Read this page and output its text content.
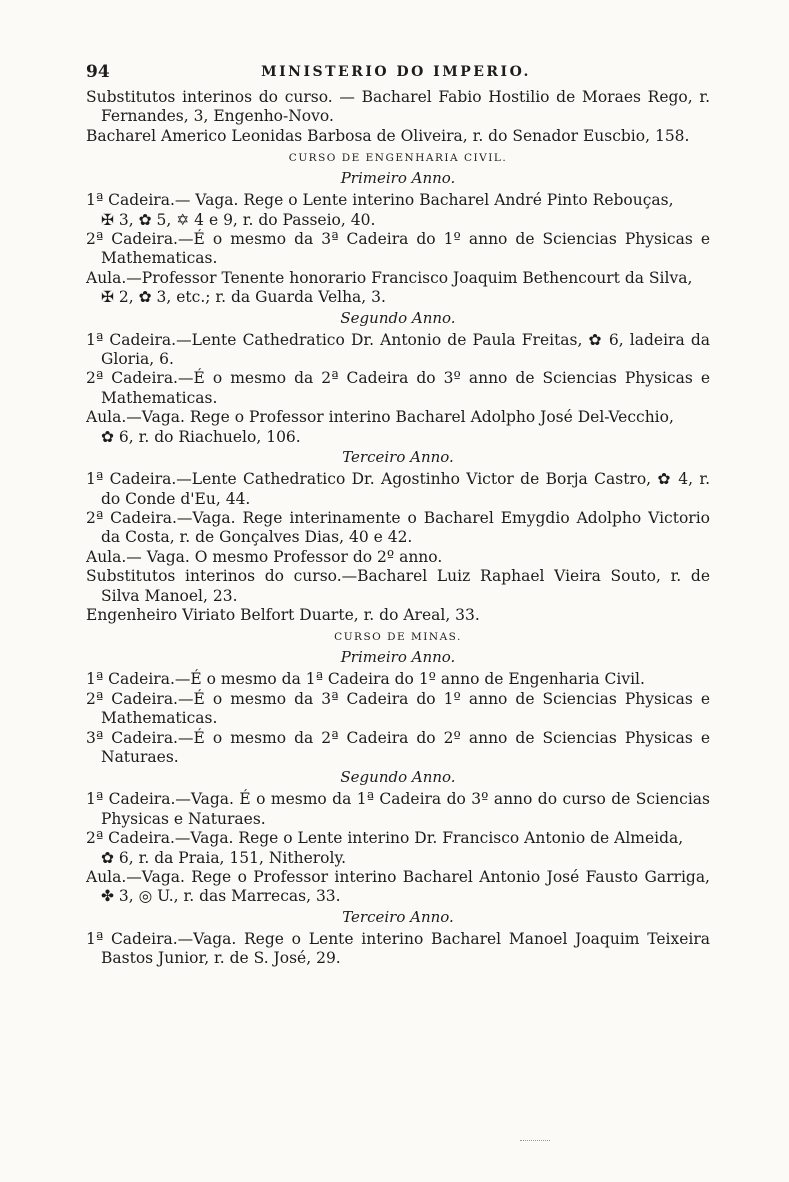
94	MINISTERIO DO IMPERIO.

Substitutos interinos do curso. — Bacharel Fabio Hostilio de Moraes Rego, r. Fernandes, 3, Engenho-Novo.

Bacharel Americo Leonidas Barbosa de Oliveira, r. do Senador Euscbio, 158.

CURSO DE ENGENHARIA CIVIL.
Primeiro Anno.

1ª Cadeira.— Vaga. Rege o Lente interino Bacharel André Pinto Rebouças,
✠ 3, ✿ 5, ✡ 4 e 9, r. do Passeio, 40.

2ª Cadeira.—É o mesmo da 3ª Cadeira do 1º anno de Sciencias Physicas e Mathematicas.

Aula.—Professor Tenente honorario Francisco Joaquim Bethencourt da Silva,
✠ 2, ✿ 3, etc.; r. da Guarda Velha, 3.

Segundo Anno.

1ª Cadeira.—Lente Cathedratico Dr. Antonio de Paula Freitas, ✿ 6, ladeira da Gloria, 6.

2ª Cadeira.—É o mesmo da 2ª Cadeira do 3º anno de Sciencias Physicas e Mathematicas.

Aula.—Vaga. Rege o Professor interino Bacharel Adolpho José Del-Vecchio,
✿ 6, r. do Riachuelo, 106.

Terceiro Anno.

1ª Cadeira.—Lente Cathedratico Dr. Agostinho Victor de Borja Castro, ✿ 4, r. do Conde d'Eu, 44.

2ª Cadeira.—Vaga. Rege interinamente o Bacharel Emygdio Adolpho Victorio da Costa, r. de Gonçalves Dias, 40 e 42.

Aula.— Vaga. O mesmo Professor do 2º anno.

Substitutos interinos do curso.—Bacharel Luiz Raphael Vieira Souto, r. de Silva Manoel, 23.

Engenheiro Viriato Belfort Duarte, r. do Areal, 33.

CURSO DE MINAS.
Primeiro Anno.

1ª Cadeira.—É o mesmo da 1ª Cadeira do 1º anno de Engenharia Civil.

2ª Cadeira.—É o mesmo da 3ª Cadeira do 1º anno de Sciencias Physicas e Mathematicas.

3ª Cadeira.—É o mesmo da 2ª Cadeira do 2º anno de Sciencias Physicas e Naturaes.

Segundo Anno.

1ª Cadeira.—Vaga. É o mesmo da 1ª Cadeira do 3º anno do curso de Sciencias Physicas e Naturaes.

2ª Cadeira.—Vaga. Rege o Lente interino Dr. Francisco Antonio de Almeida,
✿ 6, r. da Praia, 151, Nitheroly.

Aula.—Vaga. Rege o Professor interino Bacharel Antonio José Fausto Garriga, ✤ 3, ◎ U., r. das Marrecas, 33.

Terceiro Anno.

1ª Cadeira.—Vaga. Rege o Lente interino Bacharel Manoel Joaquim Teixeira Bastos Junior, r. de S. José, 29.
